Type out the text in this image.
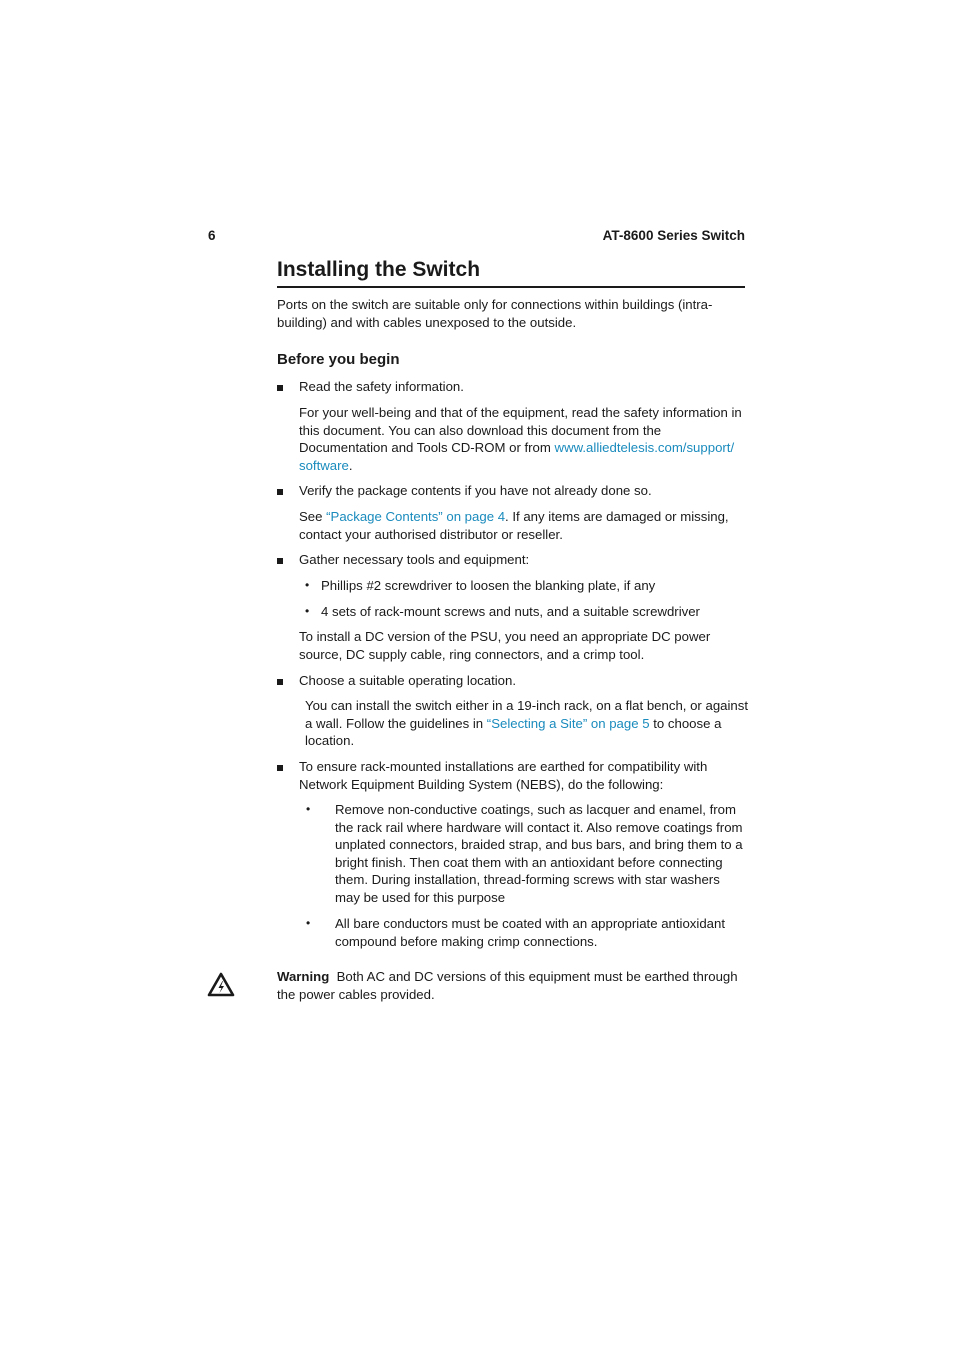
6	AT-8600 Series Switch
Installing the Switch

Ports on the switch are suitable only for connections within buildings (intra-building) and with cables unexposed to the outside.

Before you begin

Read the safety information.

For your well-being and that of the equipment, read the safety information in this document. You can also download this document from the Documentation and Tools CD-ROM or from www.alliedtelesis.com/support/
software.

Verify the package contents if you have not already done so.

See “Package Contents” on page 4. If any items are damaged or missing, contact your authorised distributor or reseller.

Gather necessary tools and equipment:

• Phillips #2 screwdriver to loosen the blanking plate, if any

• 4 sets of rack-mount screws and nuts, and a suitable screwdriver

To install a DC version of the PSU, you need an appropriate DC power source, DC supply cable, ring connectors, and a crimp tool.

Choose a suitable operating location.

You can install the switch either in a 19-inch rack, on a flat bench, or against a wall. Follow the guidelines in “Selecting a Site” on page 5 to choose a location.

To ensure rack-mounted installations are earthed for compatibility with Network Equipment Building System (NEBS), do the following:

• Remove non-conductive coatings, such as lacquer and enamel, from the rack rail where hardware will contact it. Also remove coatings from unplated connectors, braided strap, and bus bars, and bring them to a bright finish. Then coat them with an antioxidant before connecting them. During installation, thread-forming screws with star washers may be used for this purpose

• All bare conductors must be coated with an appropriate antioxidant compound before making crimp connections.

Warning Both AC and DC versions of this equipment must be earthed through the power cables provided.
